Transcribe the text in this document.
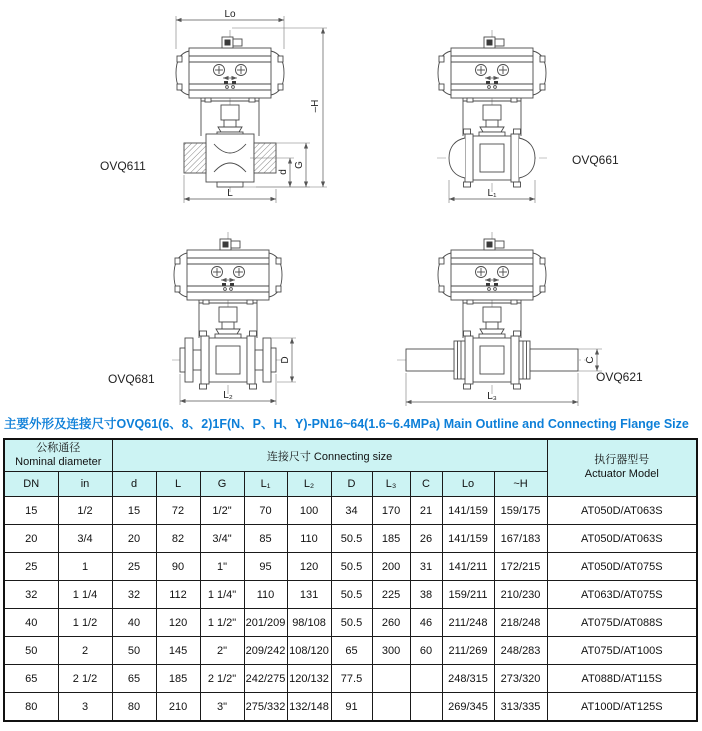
Lo
–H
d
G
L
OVQ611
L₁
OVQ661
D
L₂
OVQ681
C
L₃
OVQ621
主要外形及连接尺寸OVQ61(6、8、2)1F(N、P、H、Y)-PN16~64(1.6~6.4MPa) Main Outline and Connecting Flange Size
公称通径
Nominal diameter	连接尺寸 Connecting size	执行器型号
Actuator Model

DN	in	d	L	G	L₁	L₂	D	L₃	C	Lo	~H	
15	1/2	15	72	1/2"	70	100	34	170	21	141/159	159/175	AT050D/AT063S
20	3/4	20	82	3/4"	85	110	50.5	185	26	141/159	167/183	AT050D/AT063S
25	1	25	90	1"	95	120	50.5	200	31	141/211	172/215	AT050D/AT075S
32	1 1/4	32	112	1 1/4"	110	131	50.5	225	38	159/211	210/230	AT063D/AT075S
40	1 1/2	40	120	1 1/2"	201/209	98/108	50.5	260	46	211/248	218/248	AT075D/AT088S
50	2	50	145	2"	209/242	108/120	65	300	60	211/269	248/283	AT075D/AT100S
65	2 1/2	65	185	2 1/2"	242/275	120/132	77.5			248/315	273/320	AT088D/AT115S
80	3	80	210	3"	275/332	132/148	91			269/345	313/335	AT100D/AT125S
